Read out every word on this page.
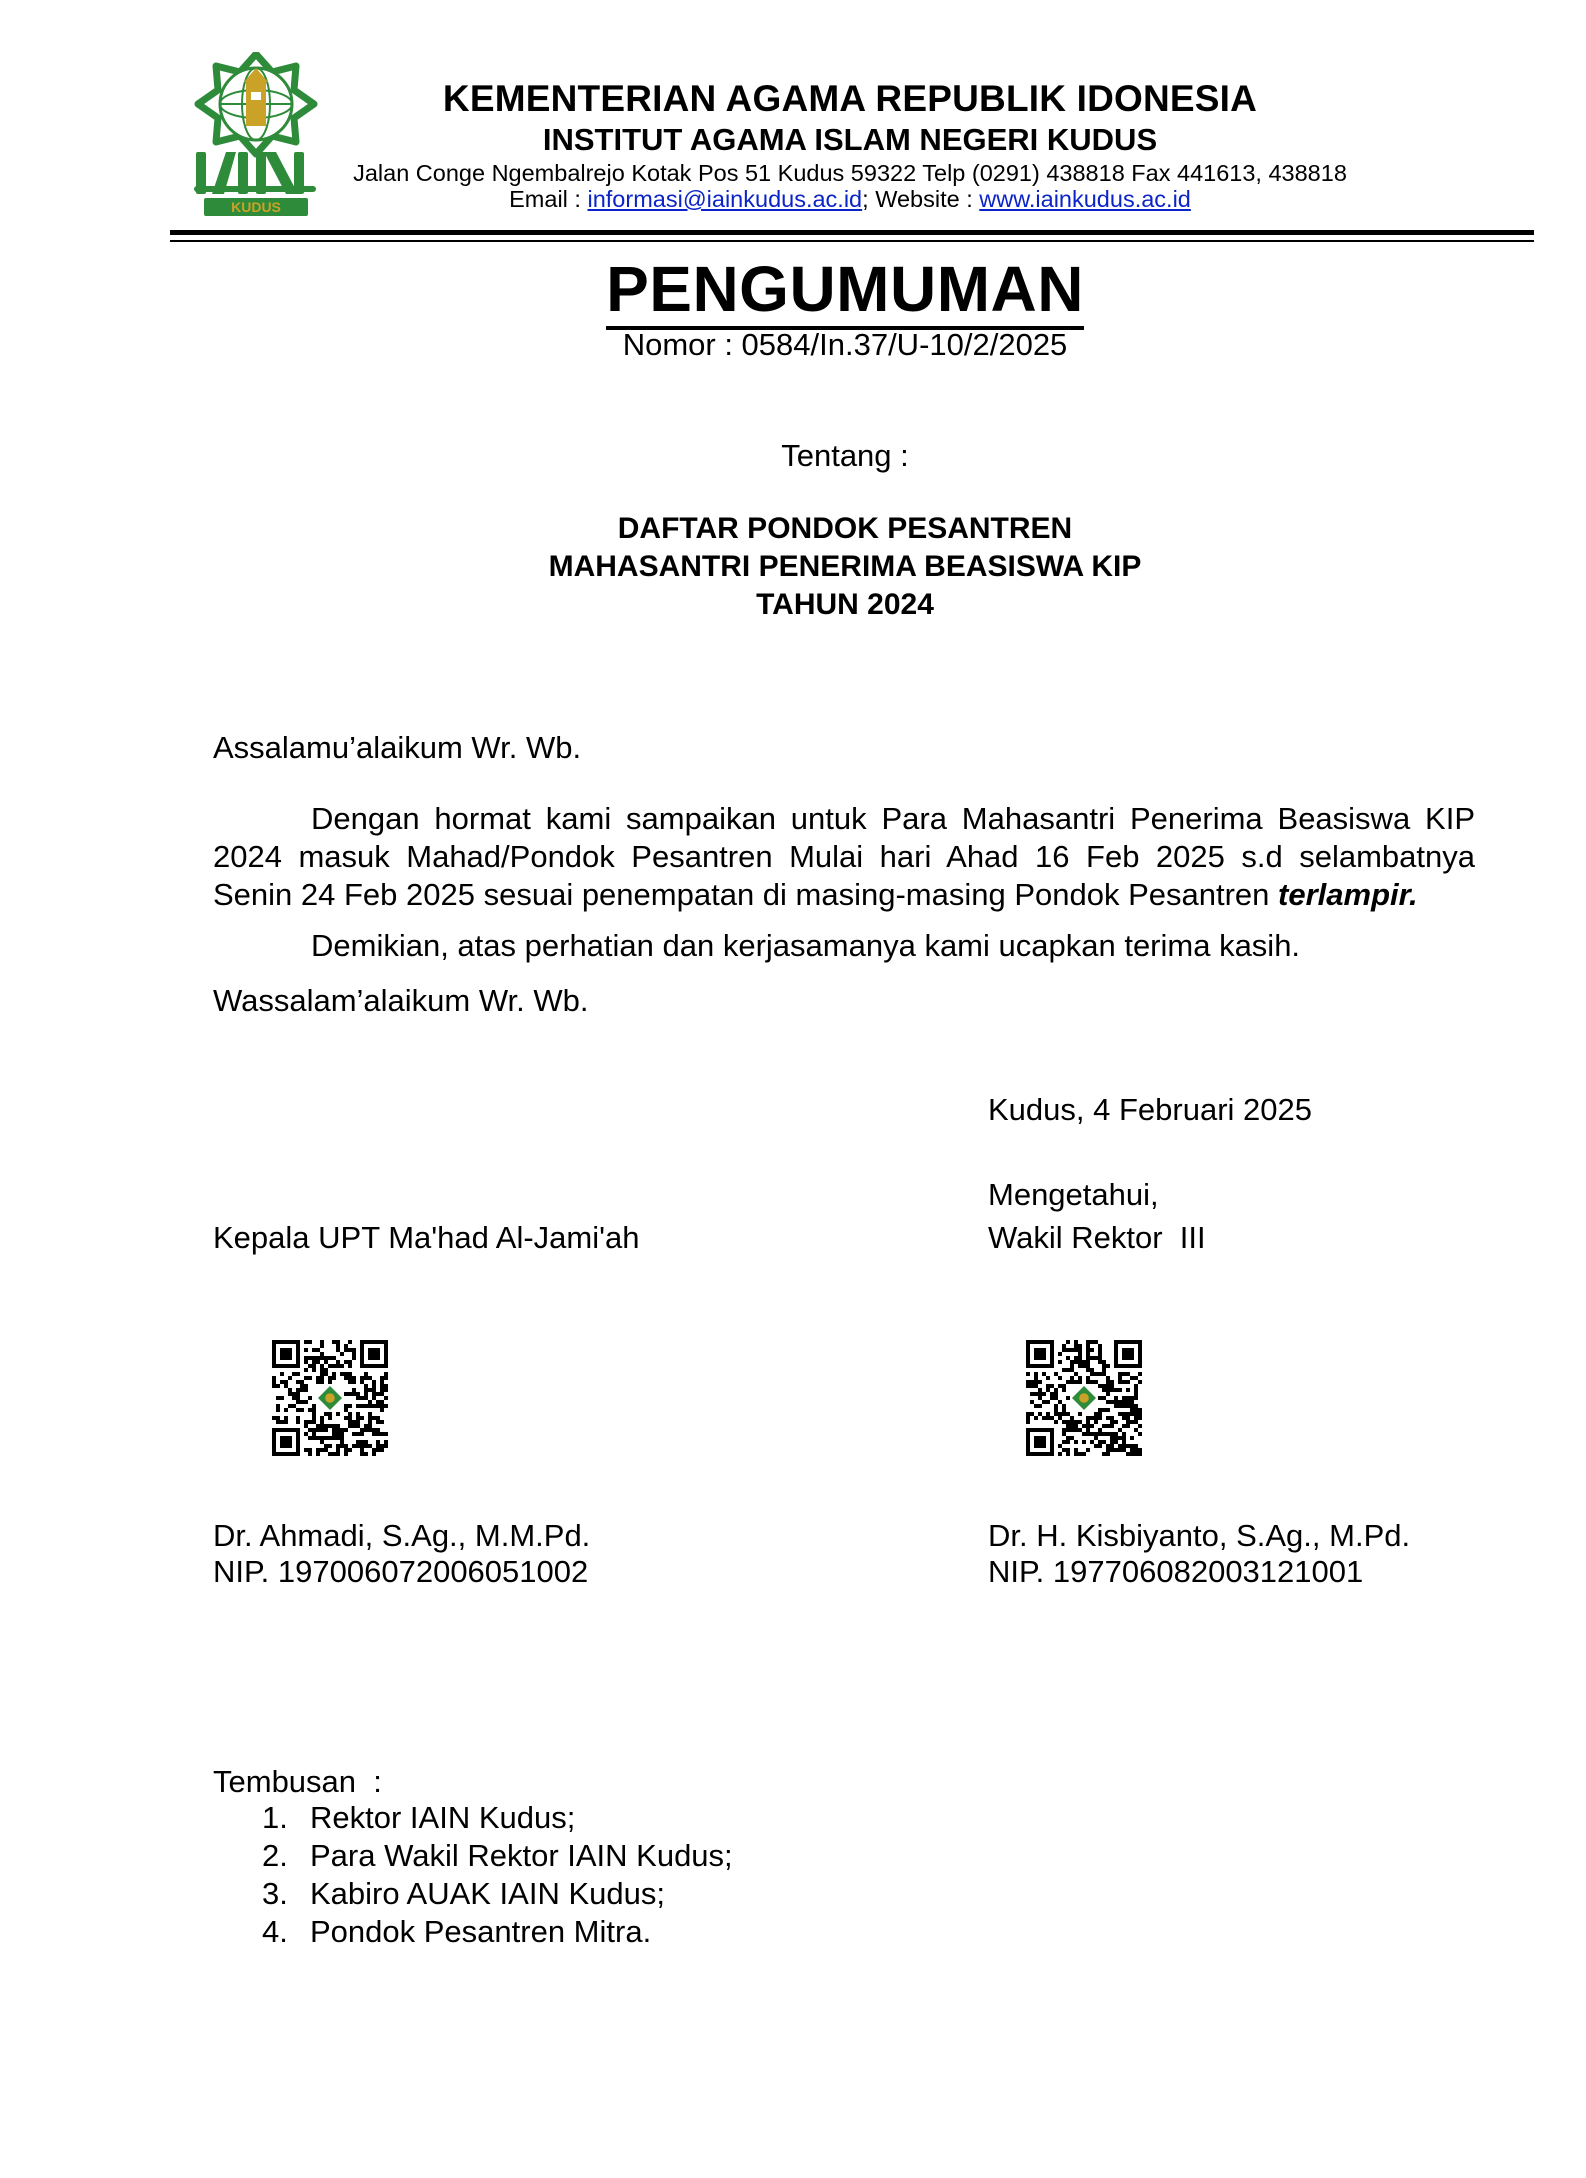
KUDUS
KEMENTERIAN AGAMA REPUBLIK IDONESIA
INSTITUT AGAMA ISLAM NEGERI KUDUS
Jalan Conge Ngembalrejo Kotak Pos 51 Kudus 59322 Telp (0291) 438818 Fax 441613, 438818
Email : informasi@iainkudus.ac.id; Website : www.iainkudus.ac.id
PENGUMUMAN
Nomor : 0584/In.37/U-10/2/2025
Tentang :
DAFTAR PONDOK PESANTREN
MAHASANTRI PENERIMA BEASISWA KIP
TAHUN 2024
Assalamu’alaikum Wr. Wb.

Dengan hormat kami sampaikan untuk Para Mahasantri Penerima Beasiswa KIP 2024 masuk Mahad/Pondok Pesantren Mulai hari Ahad 16 Feb 2025 s.d selambatnya Senin 24 Feb 2025 sesuai penempatan di masing-masing Pondok Pesantren terlampir.

Demikian, atas perhatian dan kerjasamanya kami ucapkan terima kasih.
Wassalam’alaikum Wr. Wb.
Kudus, 4 Februari 2025
Mengetahui,
Kepala UPT Ma'had Al-Jami'ah	Wakil Rektor  III
Dr. Ahmadi, S.Ag., M.M.Pd.
NIP. 197006072006051002
Dr. H. Kisbiyanto, S.Ag., M.Pd.
NIP. 197706082003121001
Tembusan  :
1. Rektor IAIN Kudus;
2. Para Wakil Rektor IAIN Kudus;
3. Kabiro AUAK IAIN Kudus;
4. Pondok Pesantren Mitra.
